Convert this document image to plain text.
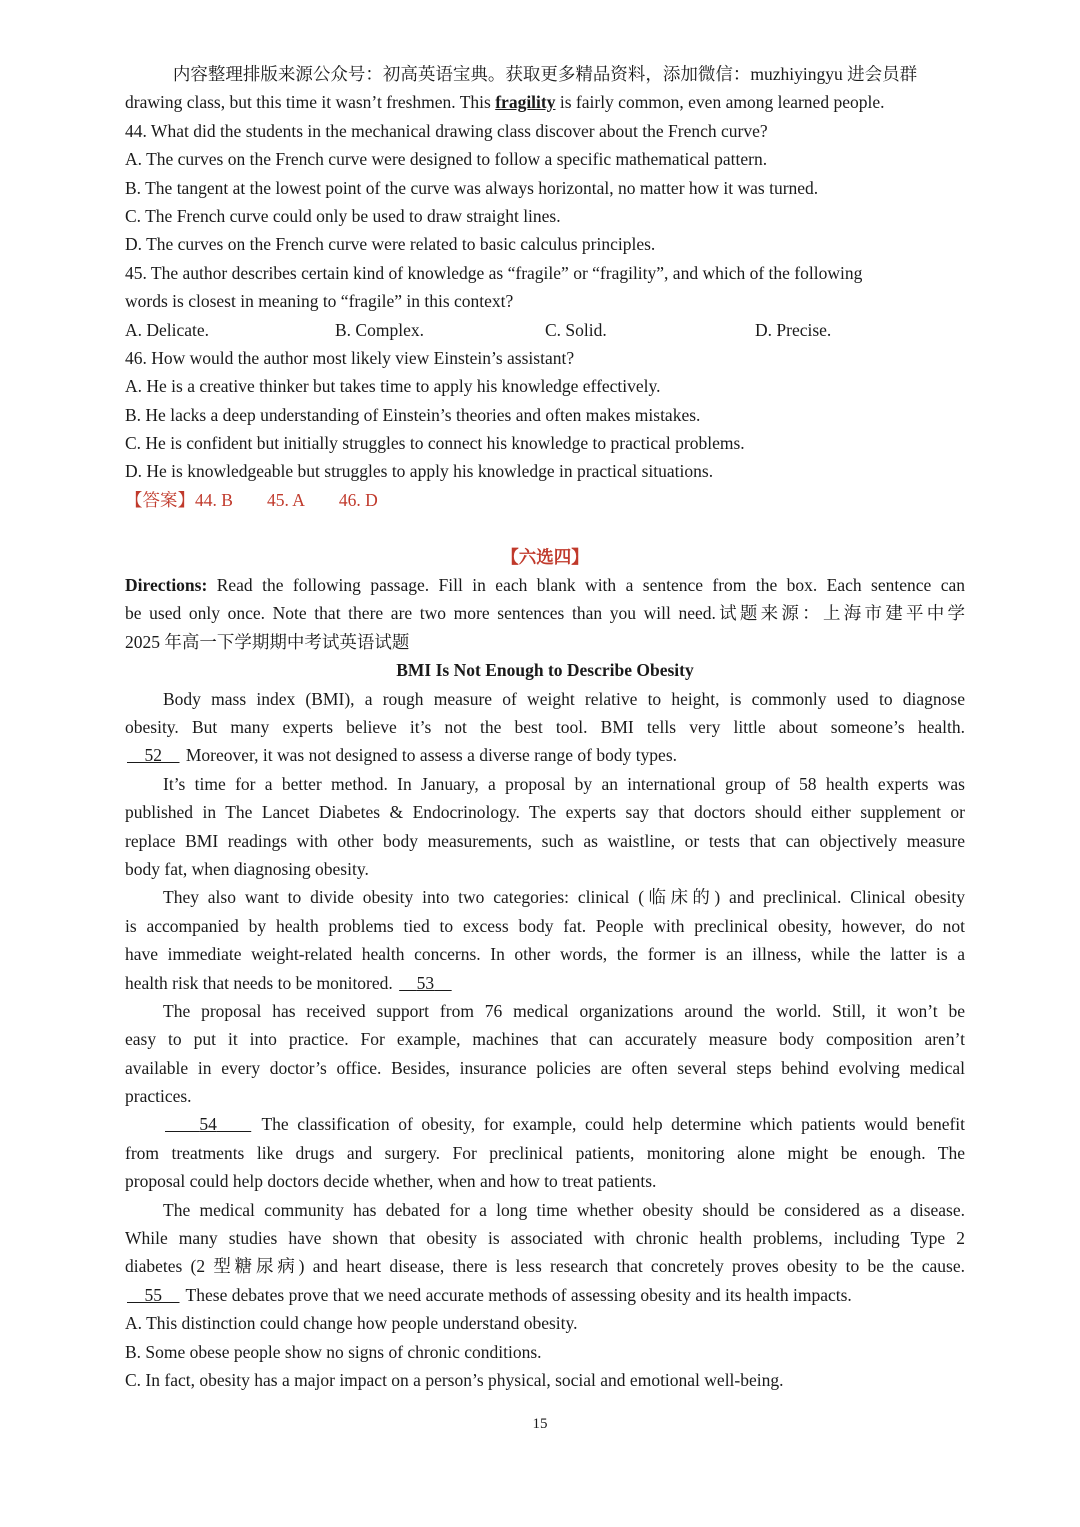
内容整理排版来源公众号：初高英语宝典。获取更多精品资料，添加微信：muzhiyingyu 进会员群
drawing class, but this time it wasn’t freshmen. This fragility is fairly common, even among learned people.
44. What did the students in the mechanical drawing class discover about the French curve?
A. The curves on the French curve were designed to follow a specific mathematical pattern.
B. The tangent at the lowest point of the curve was always horizontal, no matter how it was turned.
C. The French curve could only be used to draw straight lines.
D. The curves on the French curve were related to basic calculus principles.
45. The author describes certain kind of knowledge as “fragile” or “fragility”, and which of the following
words is closest in meaning to “fragile” in this context?
A. Delicate.	B. Complex.	C. Solid.	D. Precise.
46. How would the author most likely view Einstein’s assistant?
A. He is a creative thinker but takes time to apply his knowledge effectively.
B. He lacks a deep understanding of Einstein’s theories and often makes mistakes.
C. He is confident but initially struggles to connect his knowledge to practical problems.
D. He is knowledgeable but struggles to apply his knowledge in practical situations.
【答案】44. B 45. A 46. D
【六选四】
Directions: Read the following passage. Fill in each blank with a sentence from the box. Each sentence can
be used only once. Note that there are two more sentences than you will need.试题来源：上海市建平中学
2025 年高一下学期期中考试英语试题
BMI Is Not Enough to Describe Obesity
Body mass index (BMI), a rough measure of weight relative to height, is commonly used to diagnose
obesity. But many experts believe it’s not the best tool. BMI tells very little about someone’s health.
52     Moreover, it was not designed to assess a diverse range of body types.
It’s time for a better method. In January, a proposal by an international group of 58 health experts was
published in The Lancet Diabetes & Endocrinology. The experts say that doctors should either supplement or
replace BMI readings with other body measurements, such as waistline, or tests that can objectively measure
body fat, when diagnosing obesity.
They also want to divide obesity into two categories: clinical (临床的) and preclinical. Clinical obesity
is accompanied by health problems tied to excess body fat. People with preclinical obesity, however, do not
have immediate weight-related health concerns. In other words, the former is an illness, while the latter is a
health risk that needs to be monitored.     53
The proposal has received support from 76 medical organizations around the world. Still, it won’t be
easy to put it into practice. For example, machines that can accurately measure body composition aren’t
available in every doctor’s office. Besides, insurance policies are often several steps behind evolving medical
practices.
54     The classification of obesity, for example, could help determine which patients would benefit
from treatments like drugs and surgery. For preclinical patients, monitoring alone might be enough. The
proposal could help doctors decide whether, when and how to treat patients.
The medical community has debated for a long time whether obesity should be considered as a disease.
While many studies have shown that obesity is associated with chronic health problems, including Type 2
diabetes (2 型糖尿病) and heart disease, there is less research that concretely proves obesity to be the cause.
55     These debates prove that we need accurate methods of assessing obesity and its health impacts.
A. This distinction could change how people understand obesity.
B. Some obese people show no signs of chronic conditions.
C. In fact, obesity has a major impact on a person’s physical, social and emotional well-being.
15
